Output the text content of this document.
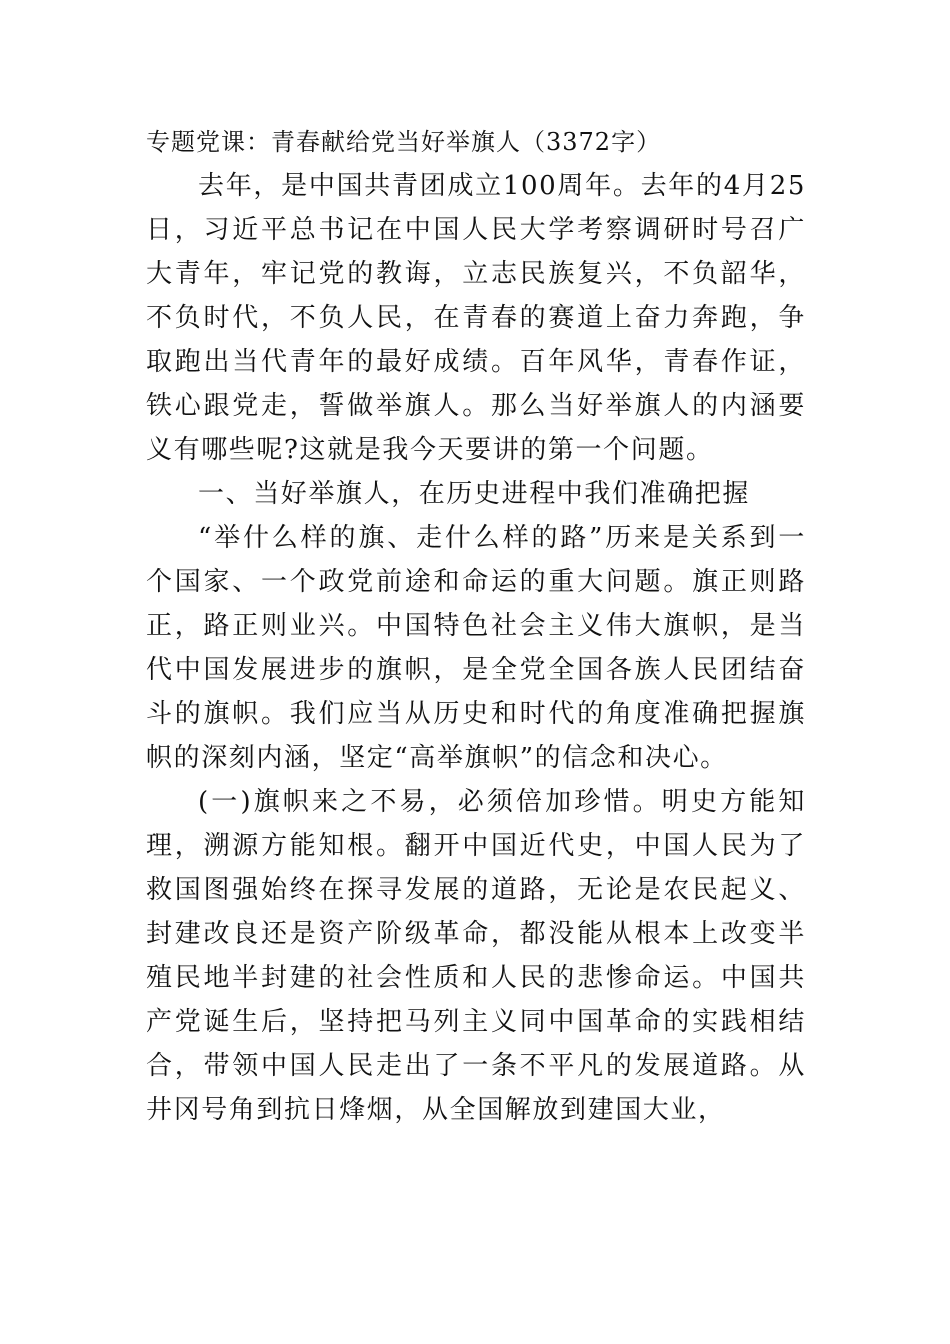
专题党课：青春献给党当好举旗人（3372字）

去年，是中国共青团成立100周年。去年的4月25日，习近平总书记在中国人民大学考察调研时号召广大青年，牢记党的教诲，立志民族复兴，不负韶华，不负时代，不负人民，在青春的赛道上奋力奔跑，争取跑出当代青年的最好成绩。百年风华，青春作证，铁心跟党走，誓做举旗人。那么当好举旗人的内涵要义有哪些呢?这就是我今天要讲的第一个问题。

一、当好举旗人，在历史进程中我们准确把握

“举什么样的旗、走什么样的路”历来是关系到一个国家、一个政党前途和命运的重大问题。旗正则路正，路正则业兴。中国特色社会主义伟大旗帜，是当代中国发展进步的旗帜，是全党全国各族人民团结奋斗的旗帜。我们应当从历史和时代的角度准确把握旗帜的深刻内涵，坚定“高举旗帜”的信念和决心。

(一)旗帜来之不易，必须倍加珍惜。明史方能知理，溯源方能知根。翻开中国近代史，中国人民为了救国图强始终在探寻发展的道路，无论是农民起义、封建改良还是资产阶级革命，都没能从根本上改变半殖民地半封建的社会性质和人民的悲惨命运。中国共产党诞生后，坚持把马列主义同中国革命的实践相结合，带领中国人民走出了一条不平凡的发展道路。从井冈号角到抗日烽烟，从全国解放到建国大业，
